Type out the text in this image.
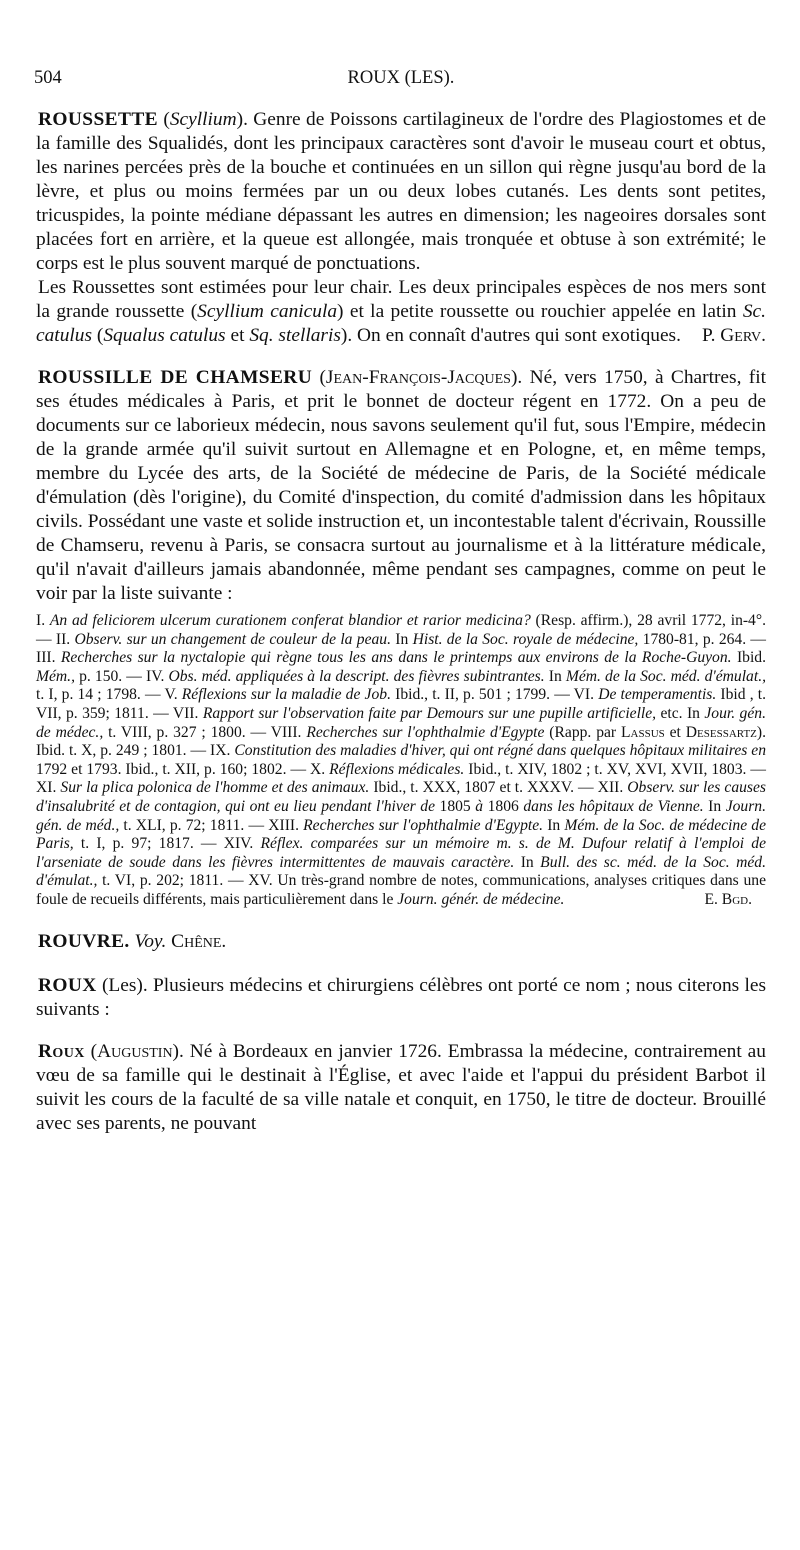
504	ROUX (LES).

ROUSSETTE (Scyllium). Genre de Poissons cartilagineux de l'ordre des Plagiostomes et de la famille des Squalidés, dont les principaux caractères sont d'avoir le museau court et obtus, les narines percées près de la bouche et continuées en un sillon qui règne jusqu'au bord de la lèvre, et plus ou moins fermées par un ou deux lobes cutanés. Les dents sont petites, tricuspides, la pointe médiane dépassant les autres en dimension; les nageoires dorsales sont placées fort en arrière, et la queue est allongée, mais tronquée et obtuse à son extrémité; le corps est le plus souvent marqué de ponctuations.

Les Roussettes sont estimées pour leur chair. Les deux principales espèces de nos mers sont la grande roussette (Scyllium canicula) et la petite roussette ou rouchier appelée en latin Sc. catulus (Squalus catulus et Sq. stellaris). On en connaît d'autres qui sont exotiques. P. Gerv.

ROUSSILLE DE CHAMSERU (Jean-François-Jacques). Né, vers 1750, à Chartres, fit ses études médicales à Paris, et prit le bonnet de docteur régent en 1772. On a peu de documents sur ce laborieux médecin, nous savons seulement qu'il fut, sous l'Empire, médecin de la grande armée qu'il suivit surtout en Allemagne et en Pologne, et, en même temps, membre du Lycée des arts, de la Société de médecine de Paris, de la Société médicale d'émulation (dès l'origine), du Comité d'inspection, du comité d'admission dans les hôpitaux civils. Possédant une vaste et solide instruction et, un incontestable talent d'écrivain, Roussille de Chamseru, revenu à Paris, se consacra surtout au journalisme et à la littérature médicale, qu'il n'avait d'ailleurs jamais abandonnée, même pendant ses campagnes, comme on peut le voir par la liste suivante :

I. An ad feliciorem ulcerum curationem conferat blandior et rarior medicina? (Resp. affirm.), 28 avril 1772, in-4°. — II. Observ. sur un changement de couleur de la peau. In Hist. de la Soc. royale de médecine, 1780-81, p. 264. — III. Recherches sur la nyctalopie qui règne tous les ans dans le printemps aux environs de la Roche-Guyon. Ibid. Mém., p. 150. — IV. Obs. méd. appliquées à la descript. des fièvres subintrantes. In Mém. de la Soc. méd. d'émulat., t. I, p. 14 ; 1798. — V. Réflexions sur la maladie de Job. Ibid., t. II, p. 501 ; 1799. — VI. De temperamentis. Ibid , t. VII, p. 359; 1811. — VII. Rapport sur l'observation faite par Demours sur une pupille artificielle, etc. In Jour. gén. de médec., t. VIII, p. 327 ; 1800. — VIII. Recherches sur l'ophthalmie d'Egypte (Rapp. par Lassus et Desessartz). Ibid. t. X, p. 249 ; 1801. — IX. Constitution des maladies d'hiver, qui ont régné dans quelques hôpitaux militaires en 1792 et 1793. Ibid., t. XII, p. 160; 1802. — X. Réflexions médicales. Ibid., t. XIV, 1802 ; t. XV, XVI, XVII, 1803. — XI. Sur la plica polonica de l'homme et des animaux. Ibid., t. XXX, 1807 et t. XXXV. — XII. Observ. sur les causes d'insalubrité et de contagion, qui ont eu lieu pendant l'hiver de 1805 à 1806 dans les hôpitaux de Vienne. In Journ. gén. de méd., t. XLI, p. 72; 1811. — XIII. Recherches sur l'ophthalmie d'Egypte. In Mém. de la Soc. de médecine de Paris, t. I, p. 97; 1817. — XIV. Réflex. comparées sur un mémoire m. s. de M. Dufour relatif à l'emploi de l'arseniate de soude dans les fièvres intermittentes de mauvais caractère. In Bull. des sc. méd. de la Soc. méd. d'émulat., t. VI, p. 202; 1811. — XV. Un très-grand nombre de notes, communications, analyses critiques dans une foule de recueils différents, mais particulièrement dans le Journ. génér. de médecine.	E. Bgd.

ROUVRE. Voy. Chêne.

ROUX (Les). Plusieurs médecins et chirurgiens célèbres ont porté ce nom ; nous citerons les suivants :

Roux (Augustin). Né à Bordeaux en janvier 1726. Embrassa la médecine, contrairement au vœu de sa famille qui le destinait à l'Église, et avec l'aide et l'appui du président Barbot il suivit les cours de la faculté de sa ville natale et conquit, en 1750, le titre de docteur. Brouillé avec ses parents, ne pouvant
